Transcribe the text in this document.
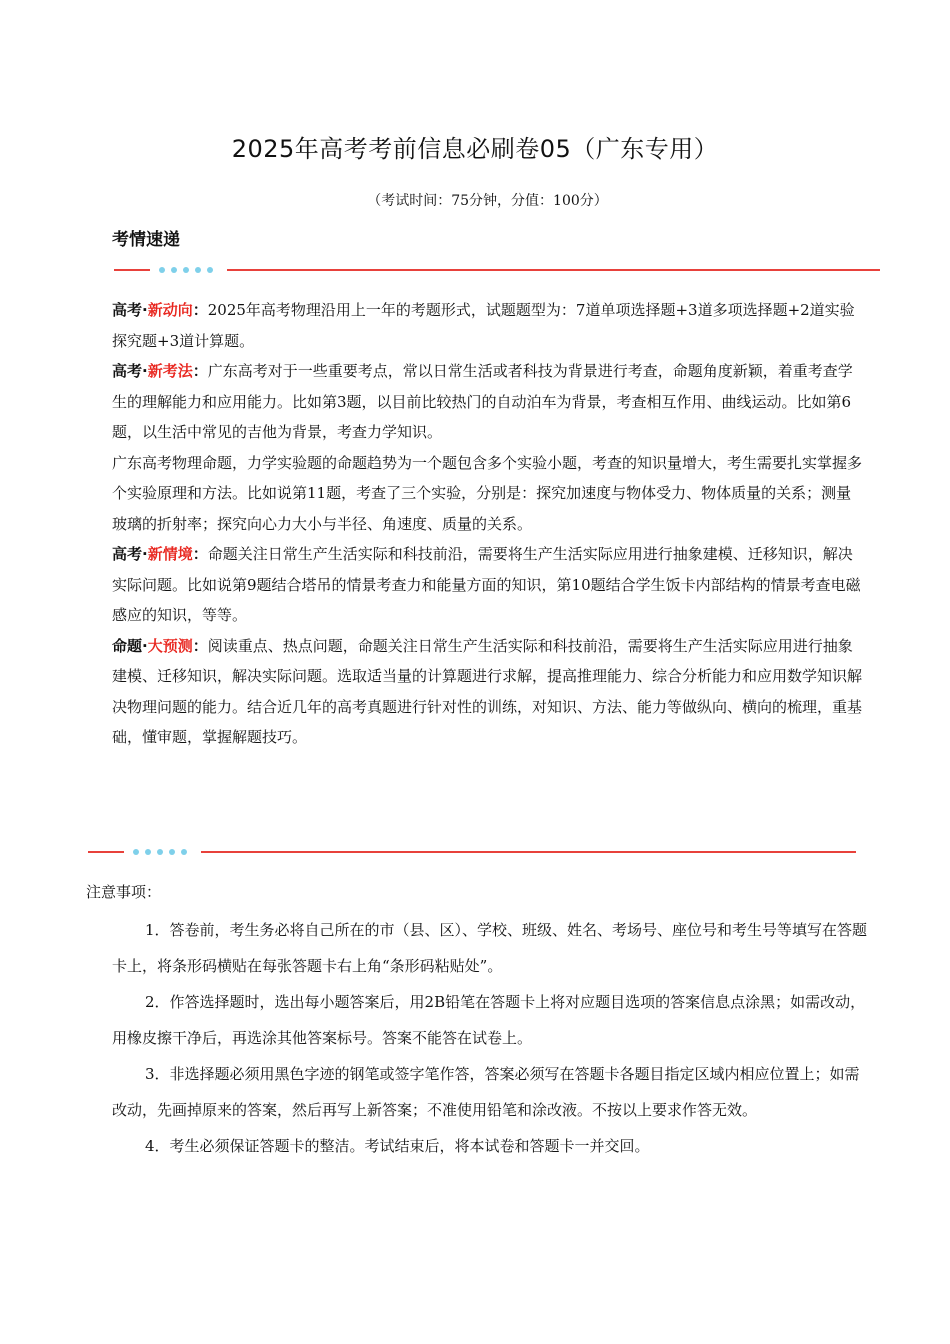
2025年高考考前信息必刷卷05（广东专用）
（考试时间：75分钟，分值：100分）
考情速递

高考·新动向：2025年高考物理沿用上一年的考题形式，试题题型为：7道单项选择题+3道多项选择题+2道实验探究题+3道计算题。

高考·新考法：广东高考对于一些重要考点，常以日常生活或者科技为背景进行考查，命题角度新颖，着重考查学生的理解能力和应用能力。比如第3题，以目前比较热门的自动泊车为背景，考查相互作用、曲线运动。比如第6题，以生活中常见的吉他为背景，考查力学知识。

广东高考物理命题，力学实验题的命题趋势为一个题包含多个实验小题，考查的知识量增大，考生需要扎实掌握多个实验原理和方法。比如说第11题，考查了三个实验，分别是：探究加速度与物体受力、物体质量的关系；测量玻璃的折射率；探究向心力大小与半径、角速度、质量的关系。

高考·新情境：命题关注日常生产生活实际和科技前沿，需要将生产生活实际应用进行抽象建模、迁移知识，解决实际问题。比如说第9题结合塔吊的情景考查力和能量方面的知识，第10题结合学生饭卡内部结构的情景考查电磁感应的知识，等等。

命题·大预测：阅读重点、热点问题，命题关注日常生产生活实际和科技前沿，需要将生产生活实际应用进行抽象建模、迁移知识，解决实际问题。选取适当量的计算题进行求解，提高推理能力、综合分析能力和应用数学知识解决物理问题的能力。结合近几年的高考真题进行针对性的训练，对知识、方法、能力等做纵向、横向的梳理，重基础，懂审题，掌握解题技巧。

注意事项：

1．答卷前，考生务必将自己所在的市（县、区）、学校、班级、姓名、考场号、座位号和考生号等填写在答题卡上，将条形码横贴在每张答题卡右上角“条形码粘贴处”。

2．作答选择题时，选出每小题答案后，用2B铅笔在答题卡上将对应题目选项的答案信息点涂黑；如需改动，用橡皮擦干净后，再选涂其他答案标号。答案不能答在试卷上。

3．非选择题必须用黑色字迹的钢笔或签字笔作答，答案必须写在答题卡各题目指定区域内相应位置上；如需改动，先画掉原来的答案，然后再写上新答案；不准使用铅笔和涂改液。不按以上要求作答无效。

4．考生必须保证答题卡的整洁。考试结束后，将本试卷和答题卡一并交回。
